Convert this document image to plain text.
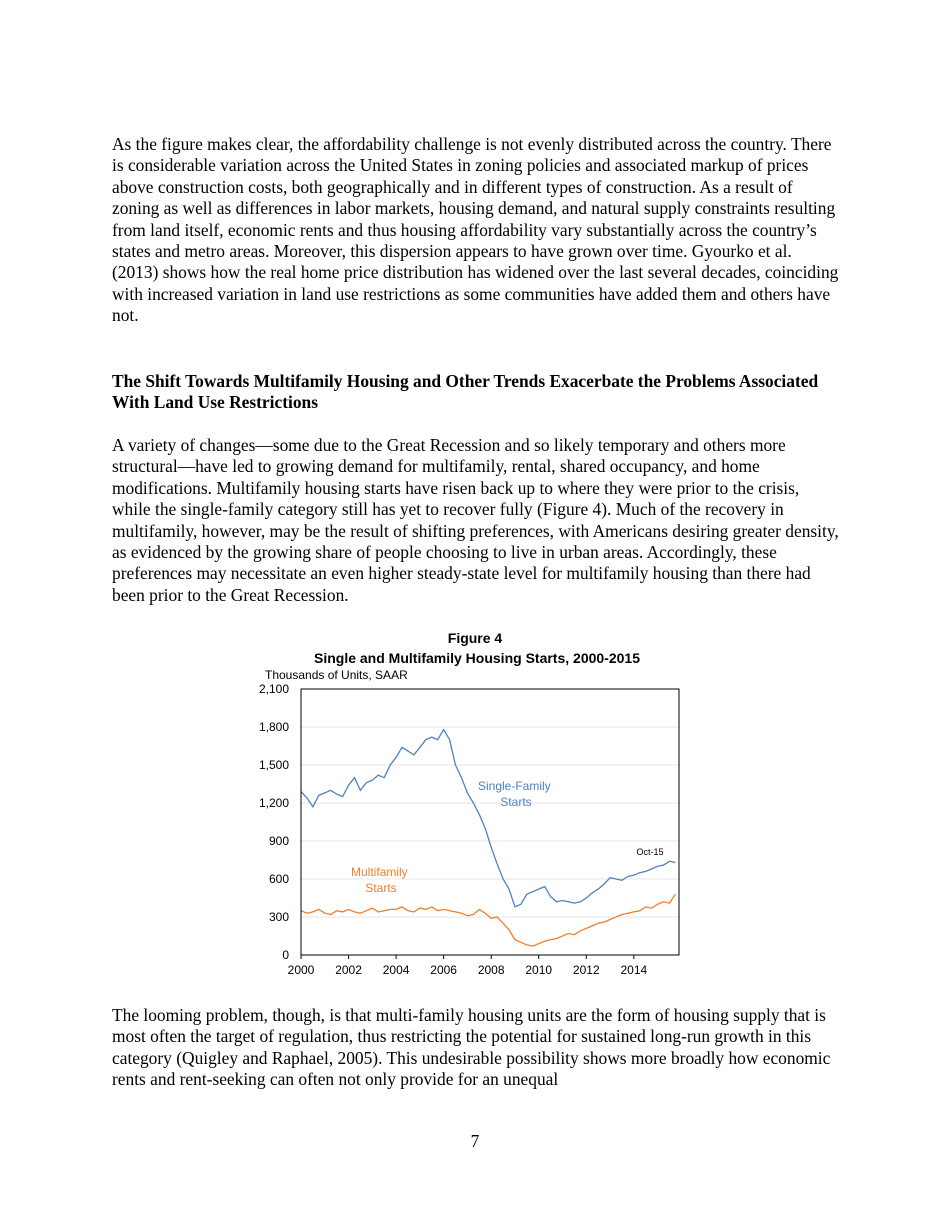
As the figure makes clear, the affordability challenge is not evenly distributed across the country. There is considerable variation across the United States in zoning policies and associated markup of prices above construction costs, both geographically and in different types of construction. As a result of zoning as well as differences in labor markets, housing demand, and natural supply constraints resulting from land itself, economic rents and thus housing affordability vary substantially across the country’s states and metro areas. Moreover, this dispersion appears to have grown over time. Gyourko et al. (2013) shows how the real home price distribution has widened over the last several decades, coinciding with increased variation in land use restrictions as some communities have added them and others have not.

The Shift Towards Multifamily Housing and Other Trends Exacerbate the Problems Associated With Land Use Restrictions

A variety of changes—some due to the Great Recession and so likely temporary and others more structural—have led to growing demand for multifamily, rental, shared occupancy, and home modifications. Multifamily housing starts have risen back up to where they were prior to the crisis, while the single-family category still has yet to recover fully (Figure 4). Much of the recovery in multifamily, however, may be the result of shifting preferences, with Americans desiring greater density, as evidenced by the growing share of people choosing to live in urban areas. Accordingly, these preferences may necessitate an even higher steady-state level for multifamily housing than there had been prior to the Great Recession.

Figure 4
Single and Multifamily Housing Starts, 2000-2015
Thousands of Units, SAAR
0
300
600
900
1,200
1,500
1,800
2,100
2000 2002 2004 2006 2008 2010 2012 2014
Single-Family Starts
Multifamily Starts
Oct-15

The looming problem, though, is that multi-family housing units are the form of housing supply that is most often the target of regulation, thus restricting the potential for sustained long-run growth in this category (Quigley and Raphael, 2005). This undesirable possibility shows more broadly how economic rents and rent-seeking can often not only provide for an unequal

7
